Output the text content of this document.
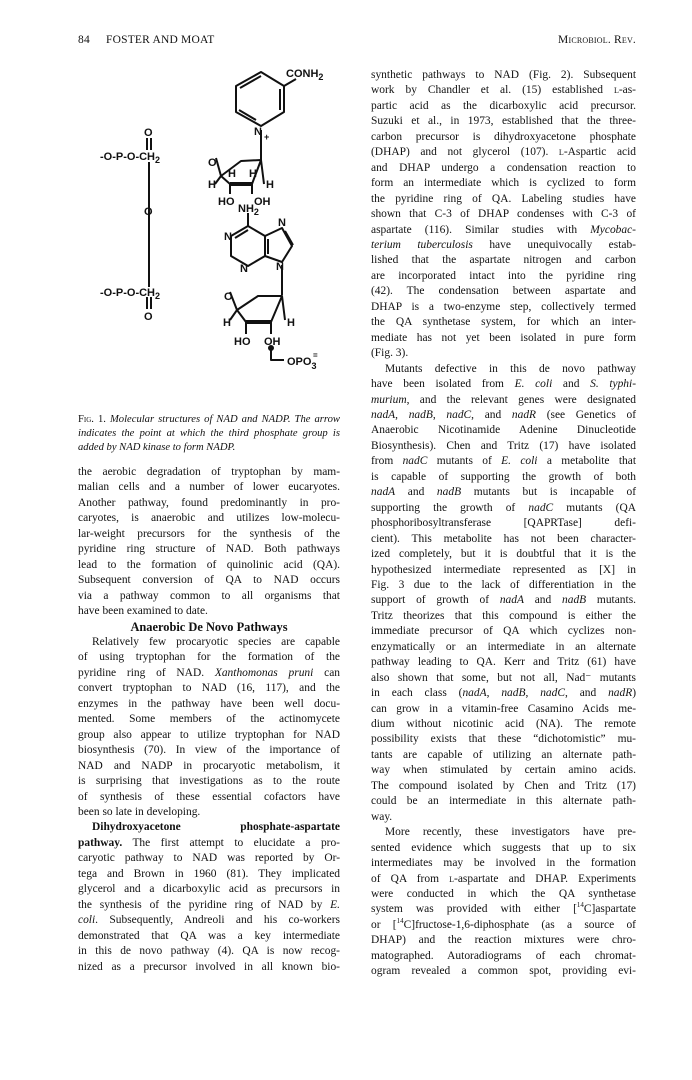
84 FOSTER AND MOAT	Microbiol. Rev.
$CONH_2$
N +
O
$-O-P-O-CH_2$	O
H H
H	H
HO OH
O	$NH_2$
N
N
N
N
$-O-P-O-CH_2$
O
O
H	H
HO OH
$OPO_3$
=
Fig. 1. Molecular structures of NAD and NADP. The arrow indicates the point at which the third phosphate group is added by NAD kinase to form NADP.

the aerobic degradation of tryptophan by mam-

malian cells and a number of lower eucaryotes.

Another pathway, found predominantly in pro-

caryotes, is anaerobic and utilizes low-molecu-

lar-weight precursors for the synthesis of the

pyridine ring structure of NAD. Both pathways

lead to the formation of quinolinic acid (QA).

Subsequent conversion of QA to NAD occurs

via a pathway common to all organisms that

have been examined to date.

Anaerobic De Novo Pathways

Relatively few procaryotic species are capable

of using tryptophan for the formation of the

pyridine ring of NAD. Xanthomonas pruni can

convert tryptophan to NAD (16, 117), and the

enzymes in the pathway have been well docu-

mented. Some members of the actinomycete

group also appear to utilize tryptophan for NAD

biosynthesis (70). In view of the importance of

NAD and NADP in procaryotic metabolism, it

is surprising that investigations as to the route

of synthesis of these essential cofactors have

been so late in developing.

Dihydroxyacetone phosphate-aspartate

pathway. The first attempt to elucidate a pro-

caryotic pathway to NAD was reported by Or-

tega and Brown in 1960 (81). They implicated

glycerol and a dicarboxylic acid as precursors in

the synthesis of the pyridine ring of NAD by E.

coli. Subsequently, Andreoli and his co-workers

demonstrated that QA was a key intermediate

in this de novo pathway (4). QA is now recog-

nized as a precursor involved in all known bio-

synthetic pathways to NAD (Fig. 2). Subsequent

work by Chandler et al. (15) established l-as-

partic acid as the dicarboxylic acid precursor.

Suzuki et al., in 1973, established that the three-

carbon precursor is dihydroxyacetone phosphate

(DHAP) and not glycerol (107). l-Aspartic acid

and DHAP undergo a condensation reaction to

form an intermediate which is cyclized to form

the pyridine ring of QA. Labeling studies have

shown that C-3 of DHAP condenses with C-3 of

aspartate (116). Similar studies with Mycobac-

terium tuberculosis have unequivocally estab-

lished that the aspartate nitrogen and carbon

are incorporated intact into the pyridine ring

(42). The condensation between aspartate and

DHAP is a two-enzyme step, collectively termed

the QA synthetase system, for which an inter-

mediate has not yet been isolated in pure form

(Fig. 3).

Mutants defective in this de novo pathway

have been isolated from E. coli and S. typhi-

murium, and the relevant genes were designated

nadA, nadB, nadC, and nadR (see Genetics of

Anaerobic Nicotinamide Adenine Dinucleotide

Biosynthesis). Chen and Tritz (17) have isolated

from nadC mutants of E. coli a metabolite that

is capable of supporting the growth of both

nadA and nadB mutants but is incapable of

supporting the growth of nadC mutants (QA

phosphoribosyltransferase [QAPRTase] defi-

cient). This metabolite has not been character-

ized completely, but it is doubtful that it is the

hypothesized intermediate represented as [X] in

Fig. 3 due to the lack of differentiation in the

support of growth of nadA and nadB mutants.

Tritz theorizes that this compound is either the

immediate precursor of QA which cyclizes non-

enzymatically or an intermediate in an alternate

pathway leading to QA. Kerr and Tritz (61) have

also shown that some, but not all, Nad⁻ mutants

in each class (nadA, nadB, nadC, and nadR)

can grow in a vitamin-free Casamino Acids me-

dium without nicotinic acid (NA). The remote

possibility exists that these “dichotomistic” mu-

tants are capable of utilizing an alternate path-

way when stimulated by certain amino acids.

The compound isolated by Chen and Tritz (17)

could be an intermediate in this alternate path-

way.

More recently, these investigators have pre-

sented evidence which suggests that up to six

intermediates may be involved in the formation

of QA from l-aspartate and DHAP. Experiments

were conducted in which the QA synthetase

system was provided with either [$^{14}$C]aspartate

or [$^{14}$C]fructose-1,6-diphosphate (as a source of

DHAP) and the reaction mixtures were chro-

matographed. Autoradiograms of each chromat-

ogram revealed a common spot, providing evi-
